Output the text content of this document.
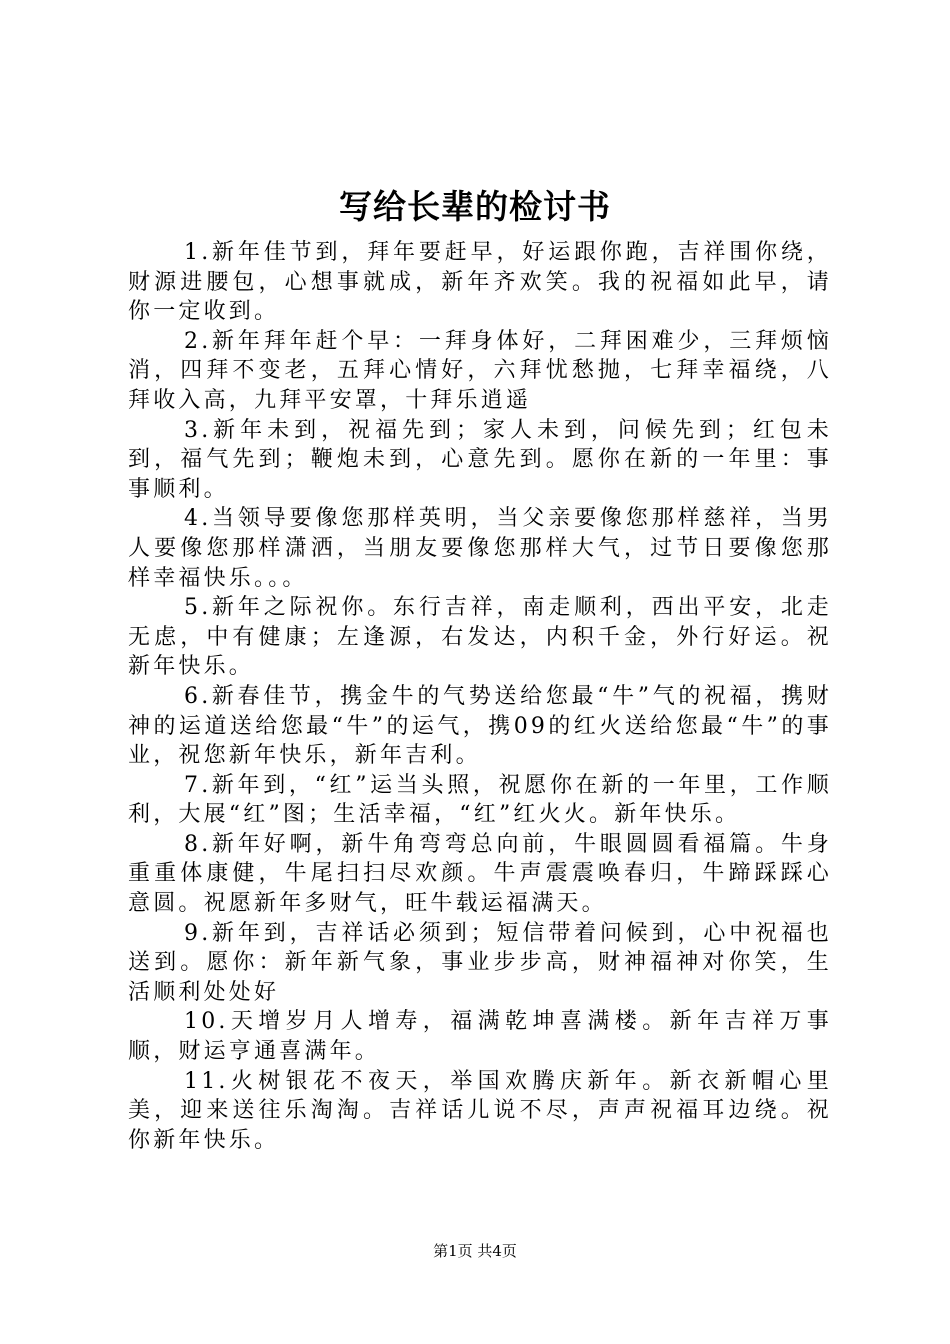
写给长辈的检讨书

1.新年佳节到，拜年要赶早，好运跟你跑，吉祥围你绕，财源进腰包，心想事就成，新年齐欢笑。我的祝福如此早，请你一定收到。

2.新年拜年赶个早：一拜身体好，二拜困难少，三拜烦恼消，四拜不变老，五拜心情好，六拜忧愁抛，七拜幸福绕，八拜收入高，九拜平安罩，十拜乐逍遥

3.新年未到，祝福先到；家人未到，问候先到；红包未到，福气先到；鞭炮未到，心意先到。愿你在新的一年里：事事顺利。

4.当领导要像您那样英明，当父亲要像您那样慈祥，当男人要像您那样潇洒，当朋友要像您那样大气，过节日要像您那样幸福快乐。。。

5.新年之际祝你。东行吉祥，南走顺利，西出平安，北走无虑，中有健康；左逢源，右发达，内积千金，外行好运。祝新年快乐。

6.新春佳节，携金牛的气势送给您最“牛”气的祝福，携财神的运道送给您最“牛”的运气，携09的红火送给您最“牛”的事业，祝您新年快乐，新年吉利。

7.新年到，“红”运当头照，祝愿你在新的一年里，工作顺利，大展“红”图；生活幸福，“红”红火火。新年快乐。

8.新年好啊，新牛角弯弯总向前，牛眼圆圆看福篇。牛身重重体康健，牛尾扫扫尽欢颜。牛声震震唤春归，牛蹄踩踩心意圆。祝愿新年多财气，旺牛载运福满天。

9.新年到，吉祥话必须到；短信带着问候到，心中祝福也送到。愿你：新年新气象，事业步步高，财神福神对你笑，生活顺利处处好

10.天增岁月人增寿，福满乾坤喜满楼。新年吉祥万事顺，财运亨通喜满年。

11.火树银花不夜天，举国欢腾庆新年。新衣新帽心里美，迎来送往乐淘淘。吉祥话儿说不尽，声声祝福耳边绕。祝你新年快乐。

第1页 共4页
